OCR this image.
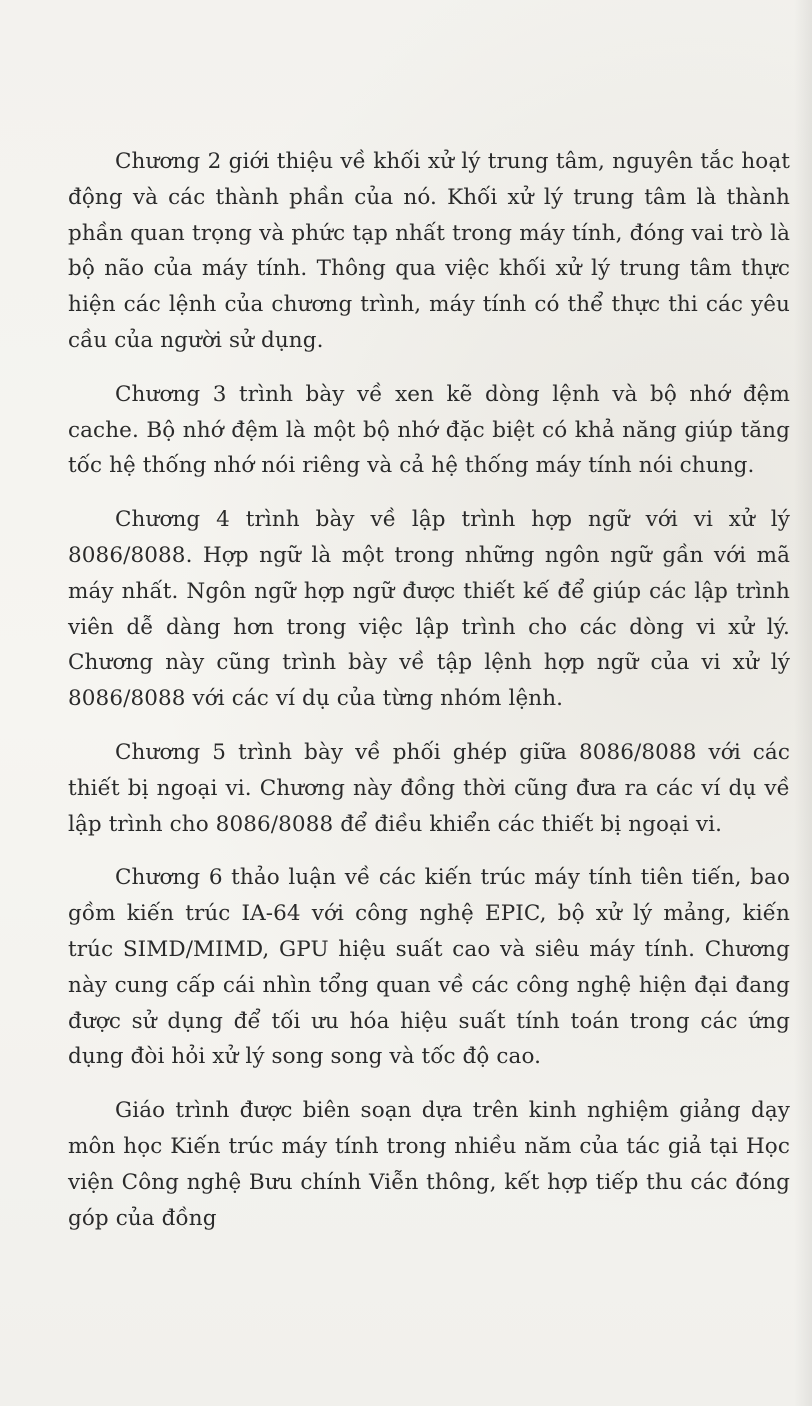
Chương 2 giới thiệu về khối xử lý trung tâm, nguyên tắc hoạt động và các thành phần của nó. Khối xử lý trung tâm là thành phần quan trọng và phức tạp nhất trong máy tính, đóng vai trò là bộ não của máy tính. Thông qua việc khối xử lý trung tâm thực hiện các lệnh của chương trình, máy tính có thể thực thi các yêu cầu của người sử dụng.

Chương 3 trình bày về xen kẽ dòng lệnh và bộ nhớ đệm cache. Bộ nhớ đệm là một bộ nhớ đặc biệt có khả năng giúp tăng tốc hệ thống nhớ nói riêng và cả hệ thống máy tính nói chung.

Chương 4 trình bày về lập trình hợp ngữ với vi xử lý 8086/8088. Hợp ngữ là một trong những ngôn ngữ gần với mã máy nhất. Ngôn ngữ hợp ngữ được thiết kế để giúp các lập trình viên dễ dàng hơn trong việc lập trình cho các dòng vi xử lý. Chương này cũng trình bày về tập lệnh hợp ngữ của vi xử lý 8086/8088 với các ví dụ của từng nhóm lệnh.

Chương 5 trình bày về phối ghép giữa 8086/8088 với các thiết bị ngoại vi. Chương này đồng thời cũng đưa ra các ví dụ về lập trình cho 8086/8088 để điều khiển các thiết bị ngoại vi.

Chương 6 thảo luận về các kiến trúc máy tính tiên tiến, bao gồm kiến trúc IA-64 với công nghệ EPIC, bộ xử lý mảng, kiến trúc SIMD/MIMD, GPU hiệu suất cao và siêu máy tính. Chương này cung cấp cái nhìn tổng quan về các công nghệ hiện đại đang được sử dụng để tối ưu hóa hiệu suất tính toán trong các ứng dụng đòi hỏi xử lý song song và tốc độ cao.

Giáo trình được biên soạn dựa trên kinh nghiệm giảng dạy môn học Kiến trúc máy tính trong nhiều năm của tác giả tại Học viện Công nghệ Bưu chính Viễn thông, kết hợp tiếp thu các đóng góp của đồng
